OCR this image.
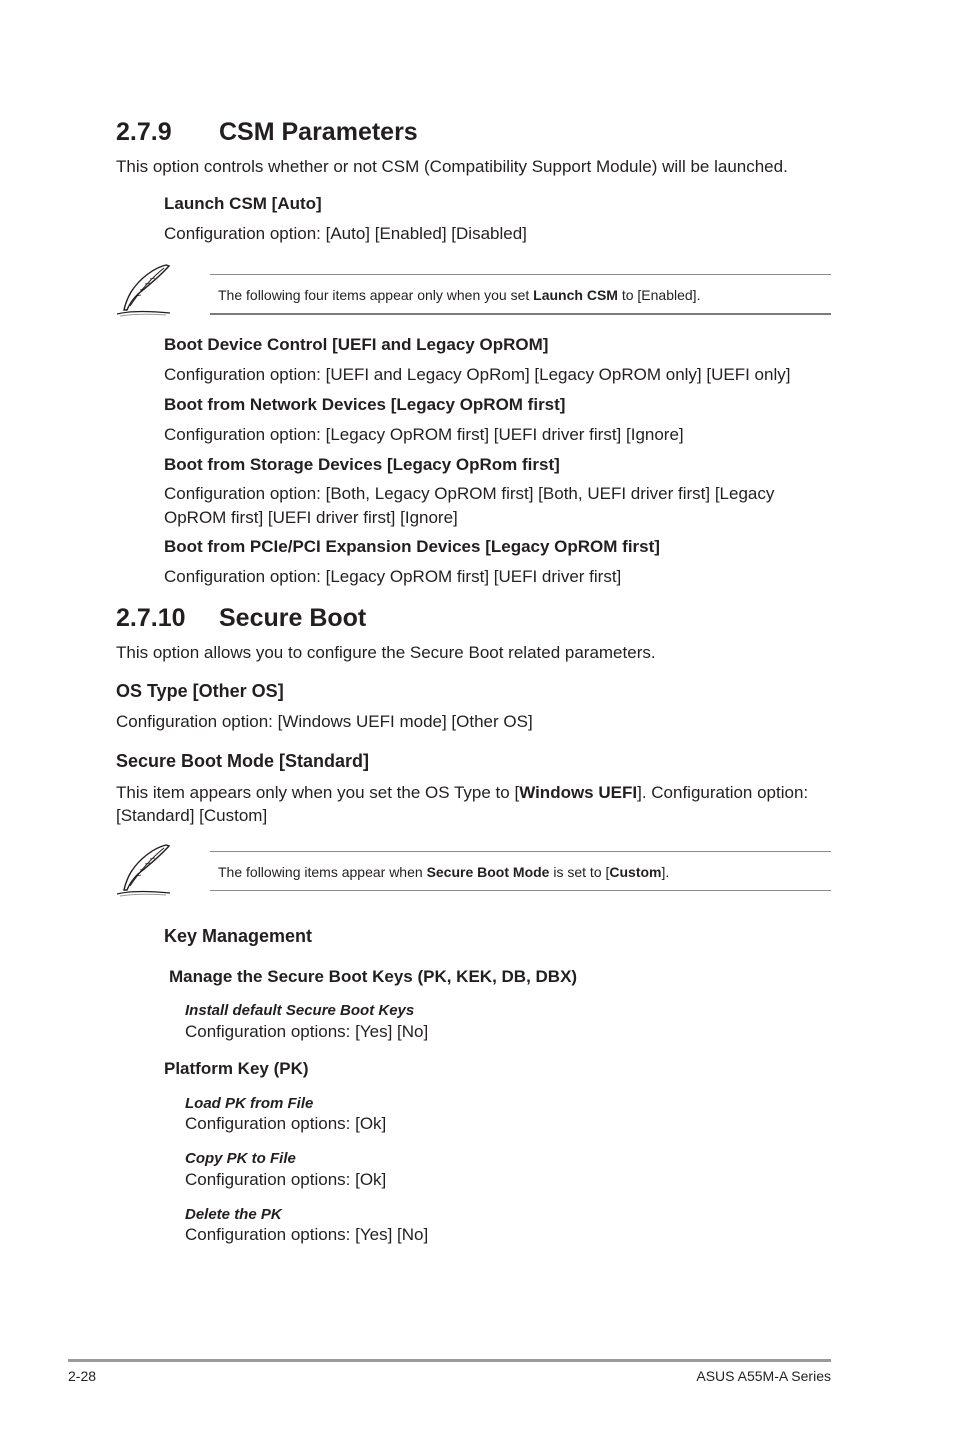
2.7.9 CSM Parameters
This option controls whether or not CSM (Compatibility Support Module) will be launched.
Launch CSM [Auto]
Configuration option: [Auto] [Enabled] [Disabled]
The following four items appear only when you set Launch CSM to [Enabled].
Boot Device Control [UEFI and Legacy OpROM]
Configuration option: [UEFI and Legacy OpRom] [Legacy OpROM only] [UEFI only]
Boot from Network Devices [Legacy OpROM first]
Configuration option: [Legacy OpROM first] [UEFI driver first] [Ignore]
Boot from Storage Devices [Legacy OpRom first]
Configuration option: [Both, Legacy OpROM first] [Both, UEFI driver first] [Legacy
OpROM first] [UEFI driver first] [Ignore]
Boot from PCIe/PCI Expansion Devices [Legacy OpROM first]
Configuration option: [Legacy OpROM first] [UEFI driver first]
2.7.10 Secure Boot
This option allows you to configure the Secure Boot related parameters.
OS Type [Other OS]
Configuration option: [Windows UEFI mode] [Other OS]
Secure Boot Mode [Standard]
This item appears only when you set the OS Type to [Windows UEFI]. Configuration option:
[Standard] [Custom]
The following items appear when Secure Boot Mode is set to [Custom].
Key Management
Manage the Secure Boot Keys (PK, KEK, DB, DBX)
Install default Secure Boot Keys
Configuration options: [Yes] [No]
Platform Key (PK)
Load PK from File
Configuration options: [Ok]
Copy PK to File
Configuration options: [Ok]
Delete the PK
Configuration options: [Yes] [No]
2-28	ASUS A55M-A Series
